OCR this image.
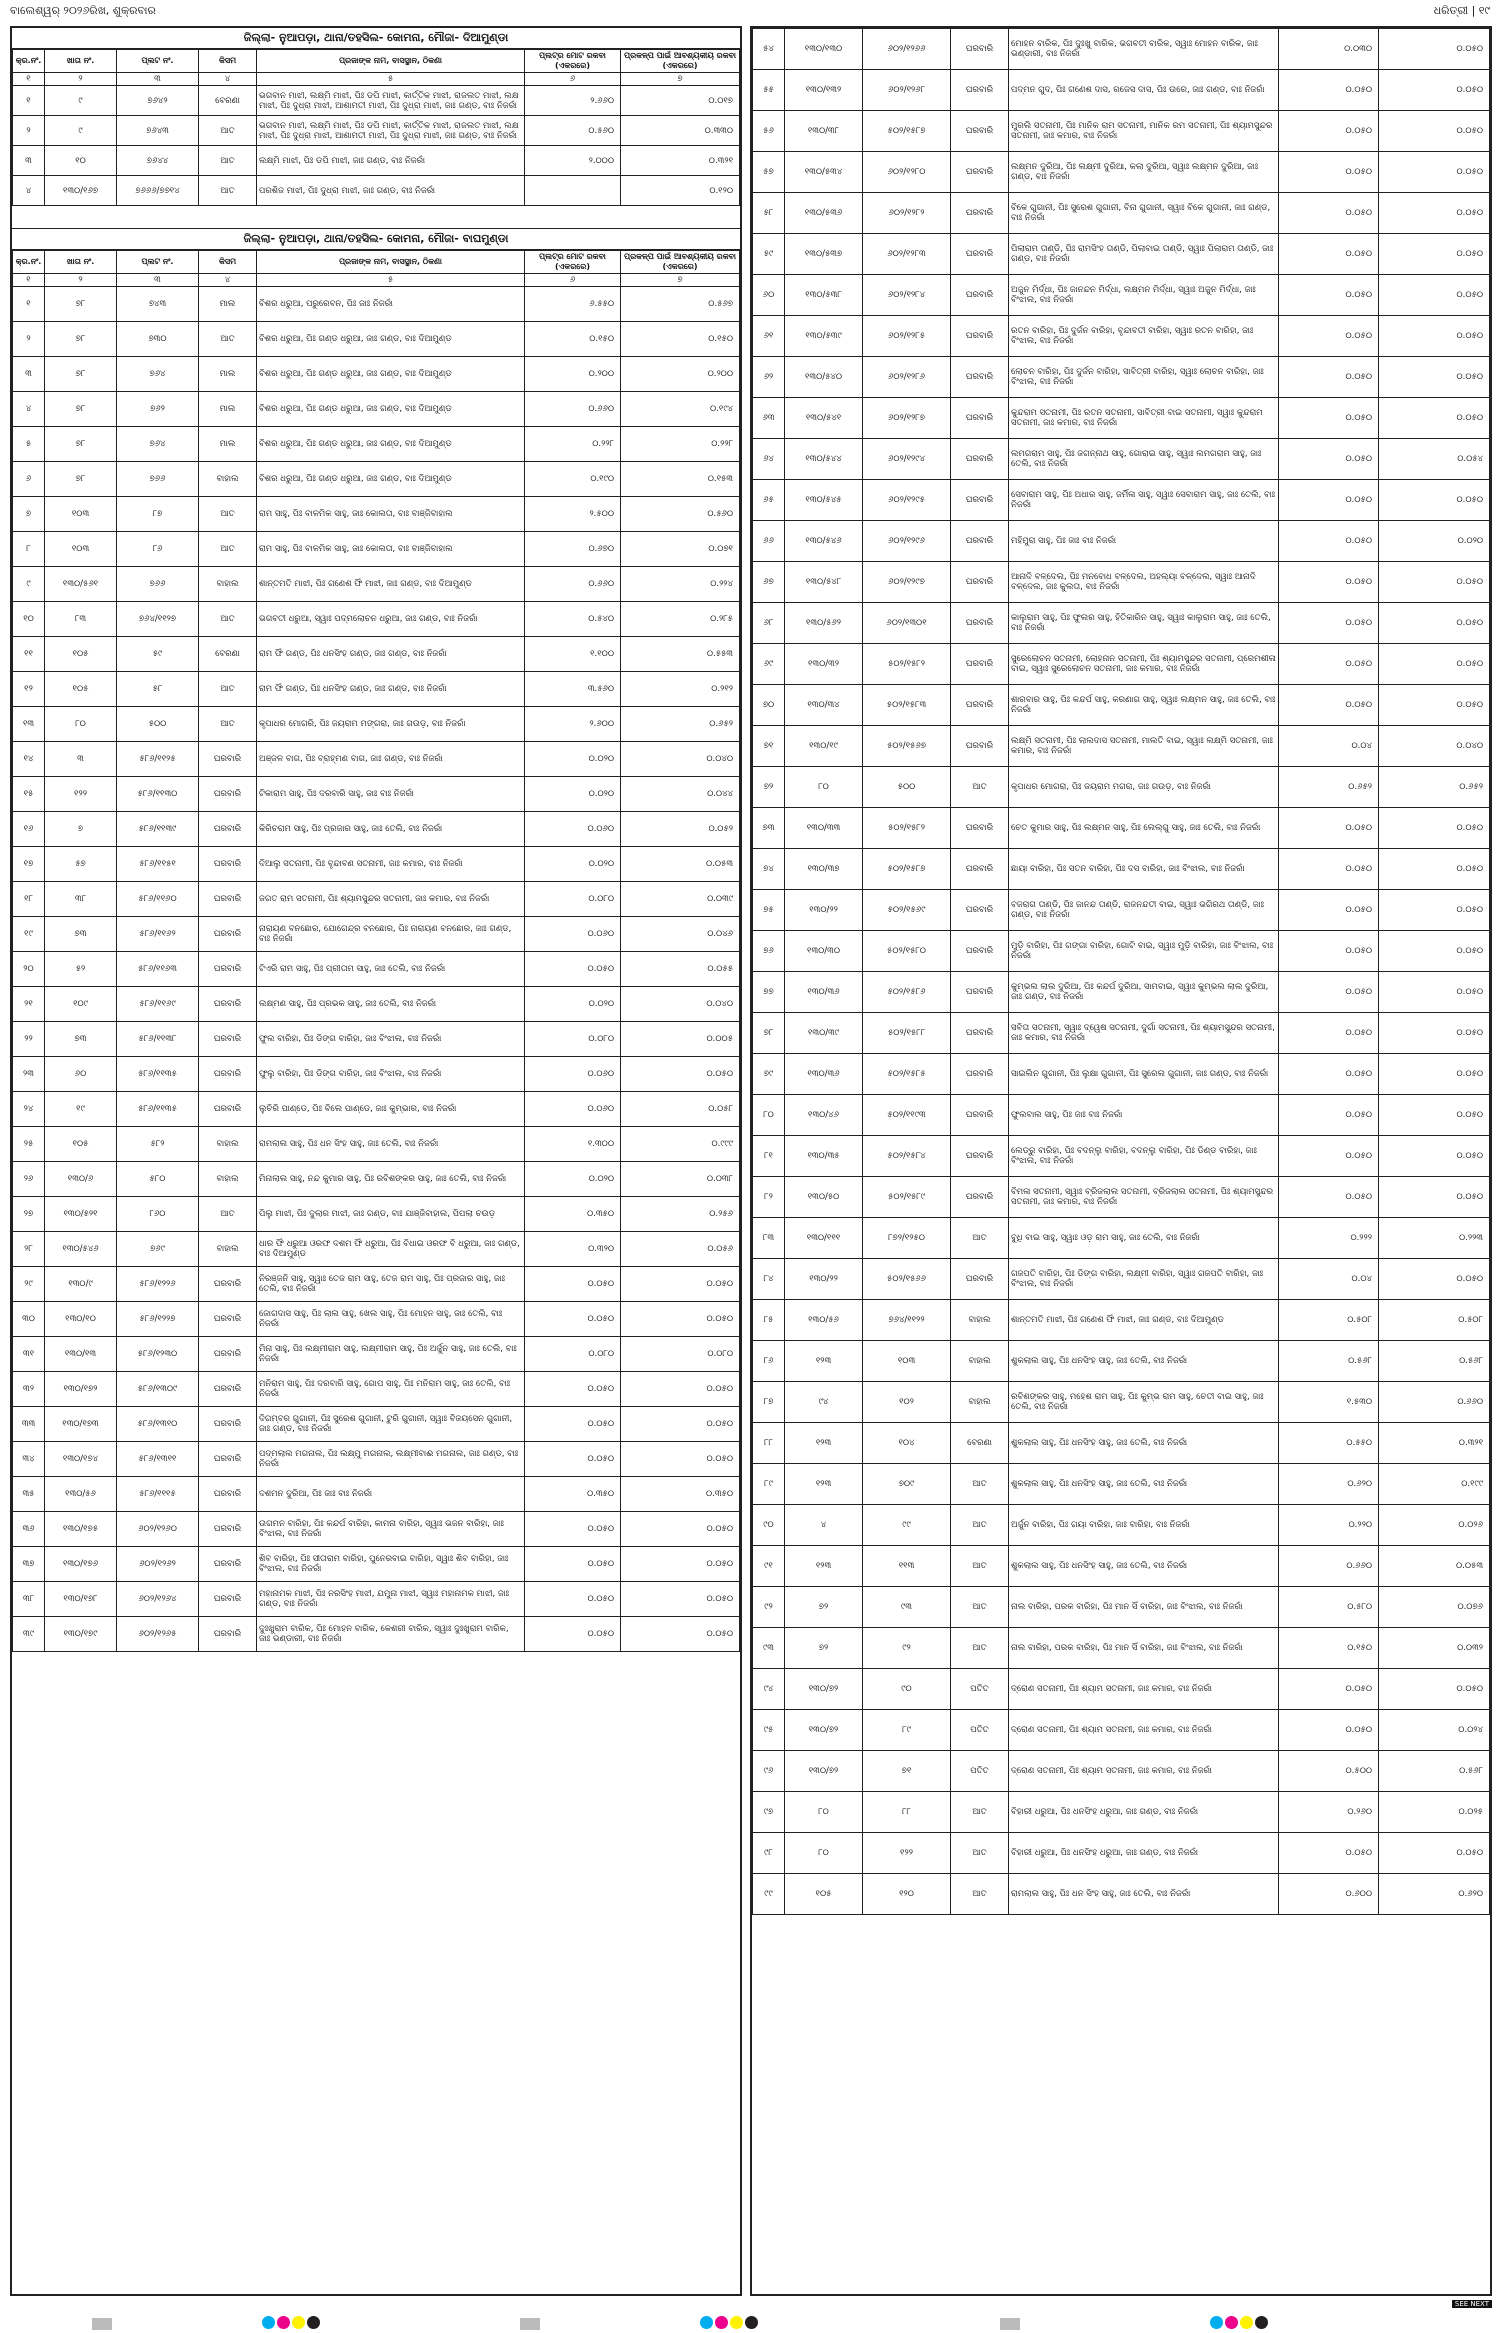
ବାଲେଶ୍ୱର୍ ୨୦୨୬ରିଖ, ଶୁକ୍ରବାର	ଧରିତ୍ରୀ | ୧୯
ଜିଲ୍ଲା- ନୁଆପଡ଼ା, ଥାନା/ତହସିଲ- କୋମନା, ମୌଜା- ଦିଆମୁଣ୍ଡା
କ୍ର.ନଂ.	ଖାତା ନଂ.	ପ୍ଲଟ ନଂ.	କିସମ	ପ୍ରଜାଙ୍କ ନାମ, ବାସସ୍ଥାନ, ଠିକଣା	ପ୍ଲଟ୍‌ର ମୋଟ ରକବା (ଏକରରେ)	ପ୍ରକଳ୍ପ ପାଇଁ ଆବଶ୍ୟକୀୟ ରକବା (ଏକରରେ)
୧	୨	୩	୪	୫	୬	୭
୧	୯	୭୬୪୨	ବେରଣା	ଭଗବାନ ମାଝୀ, ଲକ୍ଷ୍ମି ମାଝୀ, ପିଃ ଡପି ମାଝୀ, କାର୍ତ୍ତିକ ମାଝୀ, ରାଜଲତ ମାଝୀ, ଲକ୍ଷ ମାଝୀ, ପିଃ ଦୁଧ୍ରା ମାଝୀ, ଆଶାମତୀ ମାଝୀ, ପିଃ ଦୁଧ୍ରା ମାଝୀ, ଜାଃ ଗଣ୍ଡ, ବାଃ ନିଜରାଁ	୨.୬୬୦	୦.୦୧୭
୨	୯	୭୬୪୩	ଆତ	ଭଗବାନ ମାଝୀ, ଲକ୍ଷ୍ମି ମାଝୀ, ପିଃ ଡପି ମାଝୀ, କାର୍ତ୍ତିକ ମାଝୀ, ରାଜଲତ ମାଝୀ, ଲକ୍ଷ ମାଝୀ, ପିଃ ଦୁଧ୍ରା ମାଝୀ, ଆଶାମତୀ ମାଝୀ, ପିଃ ଦୁଧ୍ରା ମାଝୀ, ଜାଃ ଗଣ୍ଡ, ବାଃ ନିଜରାଁ	୦.୫୬୦	୦.୩୩୦
୩	୧୦	୭୬୪୪	ଆତ	ଲକ୍ଷ୍ମି ମାଝୀ, ପିଃ ଡପି ମାଝୀ, ଜାଃ ଗଣ୍ଡ, ବାଃ ନିଜରାଁ	୨.୦୦୦	୦.୩୨୧
୪	୧୩୦/୧୬୭	୭୬୬୬/୭୭୧୪	ଆତ	ପରଶିଜ ମାଝୀ, ପିଃ ଦୁଧ୍ରା ମାଝୀ, ଜାଃ ଗଣ୍ଡ, ବାଃ ନିଜରାଁ		୦.୧୨୦
ଜିଲ୍ଲା- ନୁଆପଡ଼ା, ଥାନା/ତହସିଲ- କୋମନା, ମୌଜା- ବାଘମୁଣ୍ଡା
କ୍ର.ନଂ.	ଖାତା ନଂ.	ପ୍ଲଟ ନଂ.	କିସମ	ପ୍ରଜାଙ୍କ ନାମ, ବାସସ୍ଥାନ, ଠିକଣା	ପ୍ଲଟ୍‌ର ମୋଟ ରକବା (ଏକରରେ)	ପ୍ରକଳ୍ପ ପାଇଁ ଆବଶ୍ୟକୀୟ ରକବା (ଏକରରେ)
୧	୨	୩	୪	୫	୬	୭
୧	୭୮	୭୪୩	ମାଲ	ବିଶର ଧରୁଆ, ପରୁରେବନ, ପିଃ ଜାଃ ନିଜରାଁ	୬.୫୫୦	୦.୫୬୭
୨	୭୮	୭୩୦	ଆତ	ବିଶର ଧରୁଆ, ପିଃ ଗଣ୍ଡ ଧରୁଆ, ଜାଃ ଗଣ୍ଡ, ବାଃ ଦିଆମୁଣ୍ଡ	୦.୧୫୦	୦.୧୫୦
୩	୭୮	୭୬୪	ମାଲ	ବିଶର ଧରୁଆ, ପିଃ ଗଣ୍ଡ ଧରୁଆ, ଜାଃ ଗଣ୍ଡ, ବାଃ ଦିଆମୁଣ୍ଡ	୦.୨୦୦	୦.୨୦୦
୪	୭୮	୭୬୨	ମାଲ	ବିଶର ଧରୁଆ, ପିଃ ଗଣ୍ଡ ଧରୁଆ, ଜାଃ ଗଣ୍ଡ, ବାଃ ଦିଆମୁଣ୍ଡ	୦.୬୬୦	୦.୧୯୪
୫	୭୮	୭୬୪	ମାଲ	ବିଶର ଧରୁଆ, ପିଃ ଗଣ୍ଡ ଧରୁଆ, ଜାଃ ଗଣ୍ଡ, ବାଃ ଦିଆମୁଣ୍ଡ	୦.୨୨୮	୦.୨୨୮
୬	୭୮	୭୬୬	ବାହାଲ	ବିଶର ଧରୁଆ, ପିଃ ଗଣ୍ଡ ଧରୁଆ, ଜାଃ ଗଣ୍ଡ, ବାଃ ଦିଆମୁଣ୍ଡ	୦.୧୯୦	୦.୧୫୩
୭	୧୦୩	୮୭	ଆତ	ରାମ ସାହୁ, ପିଃ ବାଳମିକ ସାହୁ, ଜାଃ କୋଲତା, ବାଃ ବାଞ୍ଜିବାହାଲ	୨.୫୦୦	୦.୫୬୦
୮	୧୦୩	୮୬	ଆତ	ରାମ ସାହୁ, ପିଃ ବାଳମିକ ସାହୁ, ଜାଃ କୋଲତା, ବାଃ ବାଞ୍ଜିବାହାଲ	୦.୬୭୦	୦.୦୭୧
୯	୧୩୦/୫୬୧	୭୬୬	ବାହାଲ	ଶାନ୍ତମତି ମାଝୀ, ପିଃ ଗଣେଶ ଫିଁ ମାଝୀ, ଜାଃ ଗଣ୍ଡ, ବାଃ ଦିଆମୁଣ୍ଡ	୦.୬୬୦	୦.୨୨୪
୧୦	୮୩	୭୬୪/୧୧୨୭	ଆତ	ଭଗବତୀ ଧରୁଆ, ସ୍ୱାଃ ପଦ୍ମଲୋଚନ ଧରୁଆ, ଜାଃ ଗଣ୍ଡ, ବାଃ ନିଜରାଁ	୦.୫୪୦	୦.୨୮୫
୧୧	୧୦୫	୫୯	ବେରଣା	ରାମ ଫିଁ ଗଣ୍ଡ, ପିଃ ଧନସିଂହ ଗଣ୍ଡ, ଜାଃ ଗଣ୍ଡ, ବାଃ ନିଜରାଁ	୧.୧୦୦	୦.୫୫୩
୧୨	୧୦୫	୫୮	ଆତ	ରାମ ଫିଁ ଗଣ୍ଡ, ପିଃ ଧନସିଂହ ଗଣ୍ଡ, ଜାଃ ଗଣ୍ଡ, ବାଃ ନିଜରାଁ	୩.୫୬୦	୦.୨୧୨
୧୩	୮୦	୫୦୦	ଆତ	କୃପାଧର ମୋଗରି, ପିଃ ଜୟରାମ ମଙ୍ଗରା, ଜାଃ ଗଉଡ଼, ବାଃ ନିଜରାଁ	୨.୬୦୦	୦.୬୫୨
୧୪	୩	୫୮୬/୧୧୨୫	ଘରବାରି	ଅଞ୍ଜଳ ବାଗ, ପିଃ ବ୍ରାହ୍ମଣ ବାଗ, ଜାଃ ଗଣ୍ଡ, ବାଃ ନିଜରାଁ	୦.୦୨୦	୦.୦୪୦
୧୫	୧୨୨	୫୮୬/୧୧୩୦	ଘରବାରି	ଟିକାରାମ ସାହୁ, ପିଃ ଦରବାରି ସାହୁ, ଜାଃ ବାଃ ନିଜରାଁ	୦.୦୨୦	୦.୦୪୪
୧୬	୭	୫୮୬/୧୧୩୯	ଘରବାରି	କିରିଚରାମ ସାହୁ, ପିଃ ପ୍ରଜାର ସାହୁ, ଜାଃ ତେଲି, ବାଃ ନିଜରାଁ	୦.୦୬୦	୦.୦୫୨
୧୭	୫୭	୫୮୬/୧୧୫୧	ଘରବାରି	ଦିଆଲୁ ସତନାମୀ, ପିଃ ବୃନ୍ଦାବଣ ସତନାମୀ, ଜାଃ କମାର, ବାଃ ନିଜରାଁ	୦.୦୨୦	୦.୦୫୩
୧୮	୩୮	୫୮୬/୧୧୬୦	ଘରବାରି	ଜଗତ ରାମ ସତନାମୀ, ପିଃ ଶ୍ୟାମସୁନ୍ଦର ସତନାମୀ, ଜାଃ କମାର, ବାଃ ନିଜରାଁ	୦.୦୮୦	୦.୦୩୯
୧୯	୭୩	୫୮୬/୧୧୬୨	ଘରବାରି	ନାରାୟଣ ବନଛୋର, ଯୋଗେନ୍ଦ୍ର ବନଛୋର, ପିଃ ନାରାୟଣ ବନଛୋର, ଜାଃ ଗଣ୍ଡ, ବାଃ ନିଜରାଁ	୦.୦୬୦	୦.୦୪୬
୨୦	୫୨	୫୮୬/୧୧୬୩	ଘରବାରି	ଟିଏରି ରାମ ସାହୁ, ପିଃ ପ୍ରୀତାମ ସାହୁ, ଜାଃ ତେଲି, ବାଃ ନିଜରାଁ	୦.୦୫୦	୦.୦୫୫
୨୧	୧୦୯	୫୮୬/୧୧୬୯	ଘରବାରି	ଲକ୍ଷ୍ମଣ ସାହୁ, ପିଃ ପ୍ରଭକ ସାହୁ, ଜାଃ ତେଲି, ବାଃ ନିଜରାଁ	୦.୦୨୦	୦.୦୪୦
୨୨	୭୩	୫୮୬/୧୧୩୮	ଘରବାରି	ଫୁଲ ବାରିହା, ପିଃ ଡିଙ୍ଗ ବାରିହା, ଜାଃ ବିଂଝାଲ, ବାଃ ନିଜରାଁ	୦.୦୮୦	୦.୦୦୫
୨୩	୬୦	୫୮୬/୧୧୩୫	ଘରବାରି	ଫୁଲୁ ବାରିହା, ପିଃ ଡିଙ୍ଗ ବାରିହା, ଜାଃ ବିଂଝାଲ, ବାଃ ନିଜରାଁ	୦.୦୬୦	୦.୦୫୦
୨୪	୧୯	୫୮୬/୧୧୩୫	ଘରବାରି	ଲୁଚିରି ପାଣ୍ଡେ, ପିଃ ବିଲେ ପାଣ୍ଡେ, ଜାଃ କୁମ୍ଭାର, ବାଃ ନିଜରାଁ	୦.୦୬୦	୦.୦୫୮
୨୫	୧୦୫	୫୮୨	ବାହାଲ	ରାମଲାଲ ସାହୁ, ପିଃ ଧନ ସିଂହ ସାହୁ, ଜାଃ ତେଲି, ବାଃ ନିଜରାଁ	୧.୩୦୦	୦.୯୯୯
୨୬	୧୩୦/୬	୫୮୦	ବାହାଲ	ମିନାଲାଲ ସାହୁ, ନନ୍ଦ କୁମାର ସାହୁ, ପିଃ ରବିଶଙ୍କର ସାହୁ, ଜାଃ ତେଲି, ବାଃ ନିଜରାଁ	୦.୦୨୦	୦.୦୩୮
୨୭	୧୩୦/୫୨୧	୮୬୦	ଆତ	ପିଲୁ ମାଝୀ, ପିଃ ଦୁଲାର ମାଝୀ, ଜାଃ ଗଣ୍ଡ, ବାଃ ଯାଞ୍ଜିବାହାଲ, ପିପଲା ଚଉଡ଼	୦.୩୫୦	୦.୨୫୬
୨୮	୧୩୦/୫୪୬	୭୬୯	ବାହାଲ	ଧାର ଫିଁ ଧରୁଆ ଓରଫ ଦଶମ ଫିଁ ଧରୁଆ, ପିଃ ବିଧାଇ ଓରଫ ବି ଧରୁଆ, ଜାଃ ଗଣ୍ଡ, ବାଃ ଦିଆମୁଣ୍ଡ	୦.୩୨୦	୦.୦୫୬
୨୯	୧୩୦/୯	୫୮୬/୧୨୨୬	ଘରବାରି	ନିରଞ୍ଜନି ସାହୁ, ସ୍ୱାଃ ତେଜ ରାମ ସାହୁ, ତେଜ ରାମ ସାହୁ, ପିଃ ପ୍ରଜାର ସାହୁ, ଜାଃ ତେଲି, ବାଃ ନିଜରାଁ	୦.୦୫୦	୦.୦୫୦
୩୦	୧୩୦/୧୦	୫୮୬/୧୨୨୭	ଘରବାରି	ଜୋଗଦାସ ସାହୁ, ପିଃ ଲାଲ ସାହୁ, ଖେଲ ସାହୁ, ପିଃ ମୋହନ ସାହୁ, ଜାଃ ତେଲି, ବାଃ ନିଜରାଁ	୦.୦୫୦	୦.୦୫୦
୩୧	୧୩୦/୧୩	୫୮୬/୧୨୩୦	ଘରବାରି	ମିନା ସାହୁ, ପିଃ ଲକ୍ଷ୍ମୀରାମ ସାହୁ, ଲକ୍ଷ୍ମୀରାମ ସାହୁ, ପିଃ ଅର୍ଜୁନ ସାହୁ, ଜାଃ ତେଲି, ବାଃ ନିଜରାଁ	୦.୦୮୦	୦.୦୮୦
୩୨	୧୩୦/୧୭୨	୫୮୬/୧୩୦୯	ଘରବାରି	ମନିରାମ ସାହୁ, ପିଃ ଦରବାରି ସାହୁ, ଗୋପ ସାହୁ, ପିଃ ମନିରାମ ସାହୁ, ଜାଃ ତେଲି, ବାଃ ନିଜରାଁ	୦.୦୫୦	୦.୦୫୦
୩୩	୧୩୦/୧୭୩	୫୮୬/୧୩୧୦	ଘରବାରି	ଦିଗମ୍ବର ଗୁଗାନୀ, ପିଃ ସୁରେଶ ଗୁଗାନୀ, ଟୁରି ଗୁଗାନୀ, ସ୍ୱାଃ ବିଜୟସେନ ଗୁଗାନୀ, ଜାଃ ଗଣ୍ଡ, ବାଃ ନିଜରାଁ	୦.୦୫୦	୦.୦୫୦
୩୪	୧୩୦/୧୭୪	୫୮୬/୧୩୧୧	ଘରବାରି	ପଦ୍ମଲାଲ ମଗନାଲ, ପିଃ ଲକ୍ଷ୍ମୁ ମଗନାଲ, ଲକ୍ଷ୍ମୀବାଈ ମଗନାଲ, ଜାଃ ଗଣ୍ଡ, ବାଃ ନିଜରାଁ	୦.୦୫୦	୦.୦୫୦
୩୫	୧୩୦/୫୬	୫୮୬/୧୧୧୫	ଘରବାରି	ଦଶମନ ଦୁରିଆ, ପିଃ ଜାଃ ବାଃ ନିଜରାଁ	୦.୩୫୦	୦.୩୫୦
୩୬	୧୩୦/୧୭୫	୬୦୨/୧୨୬୦	ଘରବାରି	ଉଗମନ ବାରିହା, ପିଃ କନ୍ଦର୍ପ ବାରିହା, କାମନା ବାରିହା, ସ୍ୱାଃ ଭଜନ ବାରିହା, ଜାଃ ବିଂଝାଲ, ବାଃ ନିଜରାଁ	୦.୦୫୦	୦.୦୫୦
୩୭	୧୩୦/୧୭୬	୬୦୨/୧୨୬୨	ଘରବାରି	ଶିବ ବାରିହା, ପିଃ ସୀତାରାମ ବାରିହା, ପୁନେରବାଇ ବାରିହା, ସ୍ୱାଃ ଶିବ ବାରିହା, ଜାଃ ବିଂଝାଲ, ବାଃ ନିଜରାଁ	୦.୦୫୦	୦.୦୫୦
୩୮	୧୩୦/୧୭୮	୬୦୨/୧୨୬୪	ଘରବାରି	ମହାନାମକ ମାଝୀ, ପିଃ ନରସିଂହ ମାଝୀ, ଯମୁନା ମାଝୀ, ସ୍ୱାଃ ମହାନାମକ ମାଝୀ, ଜାଃ ଗଣ୍ଡ, ବାଃ ନିଜରାଁ	୦.୦୫୦	୦.୦୫୦
୩୯	୧୩୦/୧୭୯	୬୦୨/୧୨୬୫	ଘରବାରି	ଦୁଃଖୁରାମ ବାରିକ, ପିଃ ମୋହନ ବାରିକ, କେଶରୀ ବାରିକ, ସ୍ୱାଃ ଦୁଃଖୁରାମ ବାରିକ, ଜାଃ ଭଣ୍ଡାରୀ, ବାଃ ନିଜରାଁ	୦.୦୫୦	୦.୦୫୦
୫୪	୧୩୦/୧୩୦	୬୦୨/୧୨୬୬	ଘରବାରି	ମୋହନ ବାରିକ, ପିଃ ଦୁଃଖୁ ବାରିକ, ଭଗବତୀ ବାରିକ, ସ୍ୱାଃ ମୋହନ ବାରିକ, ଜାଃ ଭଣ୍ଡାରୀ, ବାଃ ନିଜରାଁ	୦.୦୩୦	୦.୦୫୦
୫୫	୧୩୦/୧୩୨	୬୦୨/୧୨୬୮	ଘରବାରି	ପଦ୍ମନ ଗୁଦ, ପିଃ ଗଣେଶ ଦାସ, ରଜେସ ଦାସ, ପିଃ ଉରେ, ଜାଃ ଗଣ୍ଡ, ବାଃ ନିଜରାଁ	୦.୦୫୦	୦.୦୫୦
୫୬	୧୩୦/୩୮	୫୦୨/୧୫୮୭	ଘରବାରି	ମୁରଲି ସତନାମୀ, ପିଃ ମାନିକ ରାମ ସତନାମୀ, ମାନିକ ରମ ସତନାମୀ, ପିଃ ଶ୍ୟାମସୁନ୍ଦର ସତନାମୀ, ଜାଃ କମାର, ବାଃ ନିଜରାଁ	୦.୦୫୦	୦.୦୫୦
୫୭	୧୩୦/୫୩୪	୬୦୨/୧୨୮୦	ଘରବାରି	ଲକ୍ଷ୍ମନ ଦୁରିଆ, ପିଃ ଲକ୍ଷ୍ମୀ ଦୁରିଆ, କଲା ଦୁରିଆ, ସ୍ୱାଃ ଲକ୍ଷ୍ମନ ଦୁରିଆ, ଜାଃ ଗଣ୍ଡ, ବାଃ ନିଜରାଁ	୦.୦୫୦	୦.୦୫୦
୫୮	୧୩୦/୫୩୬	୬୦୨/୧୨୮୨	ଘରବାରି	ବିକେ ଗୁଗାନୀ, ପିଃ ସୁରେଶ ଗୁଗାନୀ, ବିନା ଗୁଗାନୀ, ସ୍ୱାଃ ବିକେ ଗୁଗାନୀ, ଜାଃ ଗଣ୍ଡ, ବାଃ ନିଜରାଁ	୦.୦୫୦	୦.୦୫୦
୫୯	୧୩୦/୫୩୭	୬୦୨/୧୨୮୩	ଘରବାରି	ପିଲାରାମ ତାଣ୍ଡି, ପିଃ ରାମସିଂହ ତାଣ୍ଡି, ପିଲାବାଇ ତାଣ୍ଡି, ସ୍ୱାଃ ପିଲାରାମ ତାଣ୍ଡି, ଜାଃ ଗଣ୍ଡ, ବାଃ ନିଜରାଁ	୦.୦୫୦	୦.୦୫୦
୬୦	୧୩୦/୫୩୮	୬୦୨/୧୨୮୪	ଘରବାରି	ଅଜୁନ ମିର୍ଦ୍ଧା, ପିଃ ଜାନନ୍ଦନ ମିର୍ଦ୍ଧା, ଲକ୍ଷ୍ମନ ମିର୍ଦ୍ଧା, ସ୍ୱାଃ ଅଜୁନ ମିର୍ଦ୍ଧା, ଜାଃ ବିଂଝାଲ, ବାଃ ନିଜରାଁ	୦.୦୫୦	୦.୦୫୦
୬୧	୧୩୦/୫୩୯	୬୦୨/୧୨୮୫	ଘରବାରି	ରତନ ବାରିହା, ପିଃ ଦୁର୍ଜନ ବାରିହା, ବୃନ୍ଦାବତୀ ବାରିହା, ସ୍ୱାଃ ରତନ ବାରିହା, ଜାଃ ବିଂଝାଲ, ବାଃ ନିଜରାଁ	୦.୦୫୦	୦.୦୫୦
୬୨	୧୩୦/୫୪୦	୬୦୨/୧୨୮୬	ଘରବାରି	ଲୋଚନ ବାରିହା, ପିଃ ଦୁର୍ଜନ ବାରିହା, ସାବିତ୍ରୀ ବାରିହା, ସ୍ୱାଃ ଲୋଚନ ବାରିହା, ଜାଃ ବିଂଝାଲ, ବାଃ ନିଜରାଁ	୦.୦୫୦	୦.୦୫୦
୬୩	୧୩୦/୫୪୧	୬୦୨/୧୨୮୭	ଘରବାରି	କୁନ୍ଦରାମ ସତନାମୀ, ପିଃ ରତନ ସତନାମୀ, ସାବିତ୍ରୀ ବାଇ ସତନାମୀ, ସ୍ୱାଃ କୁନ୍ଦରାମ ସତନାମୀ, ଜାଃ କମାର, ବାଃ ନିଜରାଁ	୦.୦୫୦	୦.୦୫୦
୬୪	୧୩୦/୫୪୪	୬୦୨/୧୨୯୪	ଘରବାରି	ଲମଗରାମ ସାହୁ, ପିଃ ଜଗନ୍ନାଥ ସାହୁ, ଗୋରାଇ ସାହୁ, ସ୍ୱାଃ ଲମଗରାମ ସାହୁ, ଜାଃ ତେଲି, ବାଃ ନିଜରାଁ	୦.୦୫୦	୦.୦୫୪
୬୫	୧୩୦/୫୪୫	୬୦୨/୧୨୯୫	ଘରବାରି	ସେବାରାମ ସାହୁ, ପିଃ ଅଧାର ସାହୁ, ଜର୍ମିଳା ସାହୁ, ସ୍ୱାଃ ସେବାରାମ ସାହୁ, ଜାଃ ତେଲି, ବାଃ ନିଜରାଁ	୦.୦୫୦	୦.୦୫୦
୬୬	୧୩୦/୫୪୬	୬୦୨/୧୨୯୬	ଘରବାରି	ମହିମୁରା ସାହୁ, ପିଃ ଜାଃ ବାଃ ନିଜରାଁ	୦.୦୫୦	୦.୦୨୦
୬୭	୧୩୦/୫୪୮	୬୦୨/୧୨୯୭	ଘରବାରି	ଆନାଦି ବଳ୍ଦେଲ, ପିଃ ମନବୋଧ ବଳ୍ଦେଲ, ଅହଲ୍ୟା ବଳ୍ଦେଲ, ସ୍ୱାଃ ଆନାଦି ବଳ୍ଦେଲ, ଜାଃ କୁଲତା, ବାଃ ନିଜରାଁ	୦.୦୫୦	୦.୦୫୦
୬୮	୧୩୦/୫୬୨	୬୦୨/୧୩୦୧	ଘରବାରି	କାଲୁରାମ ସାହୁ, ପିଃ ଫୁଲର ସାହୁ, ହିତିକାରିନ ସାହୁ, ସ୍ୱାଃ କାଲୁରାମ ସାହୁ, ଜାଃ ତେଲି, ବାଃ ନିଜରାଁ	୦.୦୫୦	୦.୦୫୦
୬୯	୧୩୦/୩୨	୫୦୨/୧୫୮୨	ଘରବାରି	ସୁରେଲୋଚନ ସତନାମୀ, ଲୋହନାନ ସତନାମୀ, ପିଃ ଶ୍ୟାମସୁନ୍ଦର ସତନାମୀ, ପ୍ରେମଶୀଳା ବାଇ, ସ୍ୱାଃ ସୁରେଲୋଚନ ସତନାମୀ, ଜାଃ କମାର, ବାଃ ନିଜରାଁ	୦.୦୫୦	୦.୦୫୦
୭୦	୧୩୦/୩୪	୫୦୨/୧୫୮୩	ଘରବାରି	ଶାରବାର ସାହୁ, ପିଃ କନ୍ଦର୍ପ ସାହୁ, କରଣାଗ ସାହୁ, ସ୍ୱାଃ ଲକ୍ଷ୍ମନ ସାହୁ, ଜାଃ ତେଲି, ବାଃ ନିଜରାଁ	୦.୦୫୦	୦.୦୫୦
୭୧	୧୩୦/୧୯	୫୦୨/୧୫୬୭	ଘରବାରି	ଲକ୍ଷ୍ମି ସତନାମୀ, ପିଃ ଲାଲଦାସ ସତନାମୀ, ମାଲତି ବାଇ, ସ୍ୱାଃ ଲକ୍ଷ୍ମି ସତନାମୀ, ଜାଃ କମାର, ବାଃ ନିଜରାଁ	୦.୦୪	୦.୦୪୦
୭୨	୮୦	୫୦୦	ଆତ	କୃପାଧର ମୋଗରା, ପିଃ ଜୟରାମ ମଗରା, ଜାଃ ଗଉଡ଼, ବାଃ ନିଜରାଁ	୦.୬୫୨	୦.୬୫୨
୭୩	୧୩୦/୩୩	୫୦୨/୧୫୮୨	ଘରବାରି	ଚେତ କୁମାର ସାହୁ, ପିଃ ଲକ୍ଷ୍ମନ ସାହୁ, ପିଃ ଲେଲ୍ଗୁ ସାହୁ, ଜାଃ ତେଲି, ବାଃ ନିଜରାଁ	୦.୦୫୦	୦.୦୫୦
୭୪	୧୩୦/୩୭	୫୦୨/୧୫୮୭	ଘରବାରି	ଛାୟା ବାରିହା, ପିଃ ସତନ ବାରିହା, ପିଃ ଦସ ବାରିହା, ଜାଃ ବିଂଝାଲ, ବାଃ ନିଜରାଁ	୦.୦୫୦	୦.୦୫୦
୭୫	୧୩୦/୨୨	୫୦୨/୧୫୬୯	ଘରବାରି	ବଜରାଗ ତାଣ୍ଡି, ପିଃ ଜାନନ୍ଦ ତାଣ୍ଡି, ରାଜନନ୍ଦତୀ ବାଇ, ସ୍ୱାଃ ଭଗିରଥ ତାଣ୍ଡି, ଜାଃ ଗଣ୍ଡ, ବାଃ ନିଜରାଁ	୦.୦୫୦	୦.୦୫୦
୭୬	୧୩୦/୩୦	୫୦୨/୧୫୮୦	ଘରବାରି	ମୁଡ଼ି ବାରିହା, ପିଃ ଗଙ୍ଗା ବାରିହା, ଗୋଟି ବାଇ, ସ୍ୱାଃ ମୁଡ଼ି ବାରିହା, ଜାଃ ବିଂଝାଲ, ବାଃ ନିଜରାଁ	୦.୦୫୦	୦.୦୫୦
୭୭	୧୩୦/୩୬	୫୦୨/୧୫୮୬	ଘରବାରି	କୁମ୍ଭଲ ଲାଲ ଦୁରିଆ, ପିଃ କନ୍ଦର୍ପ ଦୁରିଆ, ସାମବାଇ, ସ୍ୱାଃ କୁମ୍ଭଲ ଲାଲ ଦୁରିଆ, ଜାଃ ଗଣ୍ଡ, ବାଃ ନିଜରାଁ	୦.୦୫୦	୦.୦୫୦
୭୮	୧୩୦/୩୯	୫୦୨/୧୫୮୮	ଘରବାରି	ସବିତା ସତନାମୀ, ସ୍ୱାଃ ଦ୍ୱେଷ ସତନାମୀ, ଦୁର୍ଗା ସତନାମୀ, ପିଃ ଶ୍ୟାମସୁନ୍ଦର ସତନାମୀ, ଜାଃ କମାର, ବାଃ ନିଜରାଁ	୦.୦୫୦	୦.୦୫୦
୭୯	୧୩୦/୩୬	୫୦୨/୧୫୮୫	ଘରବାରି	ସାଇଲିନ ଗୁଗାନୀ, ପିଃ ଲୁକ୍ଷା ଗୁଗାନୀ, ପିଃ ସୁରେଲ ଗୁଗାନୀ, ଜାଃ ଗଣ୍ଡ, ବାଃ ନିଜରାଁ	୦.୦୫୦	୦.୦୫୦
୮୦	୧୩୦/୪୬	୫୦୨/୧୧୯୩	ଘରବାରି	ଫୁଲବାଲ ସାହୁ, ପିଃ ଜାଃ ବାଃ ନିଜରାଁ	୦.୦୫୦	୦.୦୫୦
୮୧	୧୩୦/୩୫	୫୦୨/୧୫୮୪	ଘରବାରି	ଲେଡ୍ରୁ ବାରିହା, ପିଃ ବଦନ୍ଲୁ ବାରିହା, ବଦନ୍ଲୁ ବାରିହା, ପିଃ ଡିଣ୍ଡ ବାରିହା, ଜାଃ ବିଂଝାଲ, ବାଃ ନିଜରାଁ	୦.୦୫୦	୦.୦୫୦
୮୨	୧୩୦/୫୦	୫୦୨/୧୫୮୯	ଘରବାରି	ବିମଳା ସତନାମୀ, ସ୍ୱାଃ ବ୍ରିଜଲାଲ ସତନାମୀ, ବ୍ରିଜଲାଲ ସତନାମୀ, ପିଃ ଶ୍ୟାମସୁନ୍ଦର ସତନାମୀ, ଜାଃ କମାର, ବାଃ ନିଜରାଁ	୦.୦୫୦	୦.୦୫୦
୮୩	୧୩୦/୧୧୧	୮୭୨/୧୨୫୦	ଆତ	ବୁଧି ବାଇ ସାହୁ, ସ୍ୱାଃ ଓଡ଼ ରାମ ସାହୁ, ଜାଃ ତେଲି, ବାଃ ନିଜରାଁ	୦.୨୨୨	୦.୨୨୩
୮୪	୧୩୦/୨୨	୫୦୨/୧୫୬୬	ଘରବାରି	ଗଜପତି ବାରିହା, ପିଃ ଡିଙ୍ଗ ବାରିହା, ଲକ୍ଷ୍ମୀ ବାରିହା, ସ୍ୱାଃ ଗଜପତି ବାରିହା, ଜାଃ ବିଂଝାଲ, ବାଃ ନିଜରାଁ	୦.୦୪	୦.୦୫୦
୮୫	୧୩୦/୫୬	୭୬୪/୧୧୨୨	ବାହାଲ	ଶାନ୍ତମତି ମାଝୀ, ପିଃ ଗଣେଶ ଫିଁ ମାଝୀ, ଜାଃ ଗଣ୍ଡ, ବାଃ ଦିଆମୁଣ୍ଡ	୦.୫୦୮	୦.୫୦୮
୮୬	୧୨୩	୧୦୩	ବାହାଲ	ଶୁକଲାଲ ସାହୁ, ପିଃ ଧନସିଂହ ସାହୁ, ଜାଃ ତେଲି, ବାଃ ନିଜରାଁ	୦.୫୬୮	୦.୫୬୮
୮୭	୯୪	୧୦୨	ବାହାଲ	ରବିଶଙ୍କର ସାହୁ, ମହେଶ ରାମ ସାହୁ, ପିଃ କୁମ୍ଭ ରାମ ସାହୁ, ଚେତୀ ବାଇ ସାହୁ, ଜାଃ ତେଲି, ବାଃ ନିଜରାଁ	୧.୫୩୦	୦.୬୬୦
୮୮	୧୨୩	୧୦୪	ବେରଣା	ଶୁକଲାଲ ସାହୁ, ପିଃ ଧନସିଂହ ସାହୁ, ଜାଃ ତେଲି, ବାଃ ନିଜରାଁ	୦.୫୫୦	୦.୩୨୧
୮୯	୧୨୩	୭୦୯	ଆତ	ଶୁକଲାଲ ସାହୁ, ପିଃ ଧନସିଂହ ସାହୁ, ଜାଃ ତେଲି, ବାଃ ନିଜରାଁ	୦.୬୨୦	୦.୧୯୯
୯୦	୪	୯୯	ଆତ	ଅର୍ଜୁନ ବାରିହା, ପିଃ ଗୟା ବାରିହା, ଜାଃ ବାରିହା, ବାଃ ନିଜରାଁ	୦.୨୨୦	୦.୦୨୬
୯୧	୧୨୩	୧୧୩	ଆତ	ଶୁକଲାଲ ସାହୁ, ପିଃ ଧନସିଂହ ସାହୁ, ଜାଃ ତେଲି, ବାଃ ନିଜରାଁ	୦.୬୬୦	୦.୦୫୩
୯୨	୭୨	୯୩	ଆତ	ନାଲ ବାରିହା, ପରକ ବାରିହା, ପିଃ ମାନ ସିଁ ବାରିହା, ଜାଃ ବିଂଝାଲ, ବାଃ ନିଜରାଁ	୦.୫୮୦	୦.୦୭୬
୯୩	୭୨	୯୨	ଆତ	ନାଲ ବାରିହା, ପରକ ବାରିହା, ପିଃ ମାନ ସିଁ ବାରିହା, ଜାଃ ବିଂଝାଲ, ବାଃ ନିଜରାଁ	୦.୧୫୦	୦.୦୩୨
୯୪	୧୩୦/୭୨	୯୦	ପତିତ	ଦ୍ରୋଣ ସତନାମୀ, ପିଃ ଶ୍ୟାମ ସତନାମୀ, ଜାଃ କମାର, ବାଃ ନିଜରାଁ	୦.୦୫୦	୦.୦୫୦
୯୫	୧୩୦/୭୨	୮୯	ପତିତ	ଦ୍ରୋଣ ସତନାମୀ, ପିଃ ଶ୍ୟାମ ସତନାମୀ, ଜାଃ କମାର, ବାଃ ନିଜରାଁ	୦.୦୫୦	୦.୦୨୪
୯୬	୧୩୦/୭୨	୭୧	ପତିତ	ଦ୍ରୋଣ ସତନାମୀ, ପିଃ ଶ୍ୟାମ ସତନାମୀ, ଜାଃ କମାର, ବାଃ ନିଜରାଁ	୦.୫୦୦	୦.୫୬୮
୯୭	୮୦	୮୮	ଆତ	ବିହାରୀ ଧରୁଆ, ପିଃ ଧନସିଂହ ଧରୁଆ, ଜାଃ ଗଣ୍ଡ, ବାଃ ନିଜରାଁ	୦.୨୬୦	୦.୦୨୫
୯୮	୮୦	୧୨୨	ଆତ	ବିହାରୀ ଧରୁଆ, ପିଃ ଧନସିଂହ ଧରୁଆ, ଜାଃ ଗଣ୍ଡ, ବାଃ ନିଜରାଁ	୦.୦୫୦	୦.୦୫୦
୯୯	୧୦୫	୧୨୦	ଆତ	ରାମଲାଲ ସାହୁ, ପିଃ ଧନ ସିଂହ ସାହୁ, ଜାଃ ତେଲି, ବାଃ ନିଜରାଁ	୦.୬୦୦	୦.୬୨୦
SEE NEXT
